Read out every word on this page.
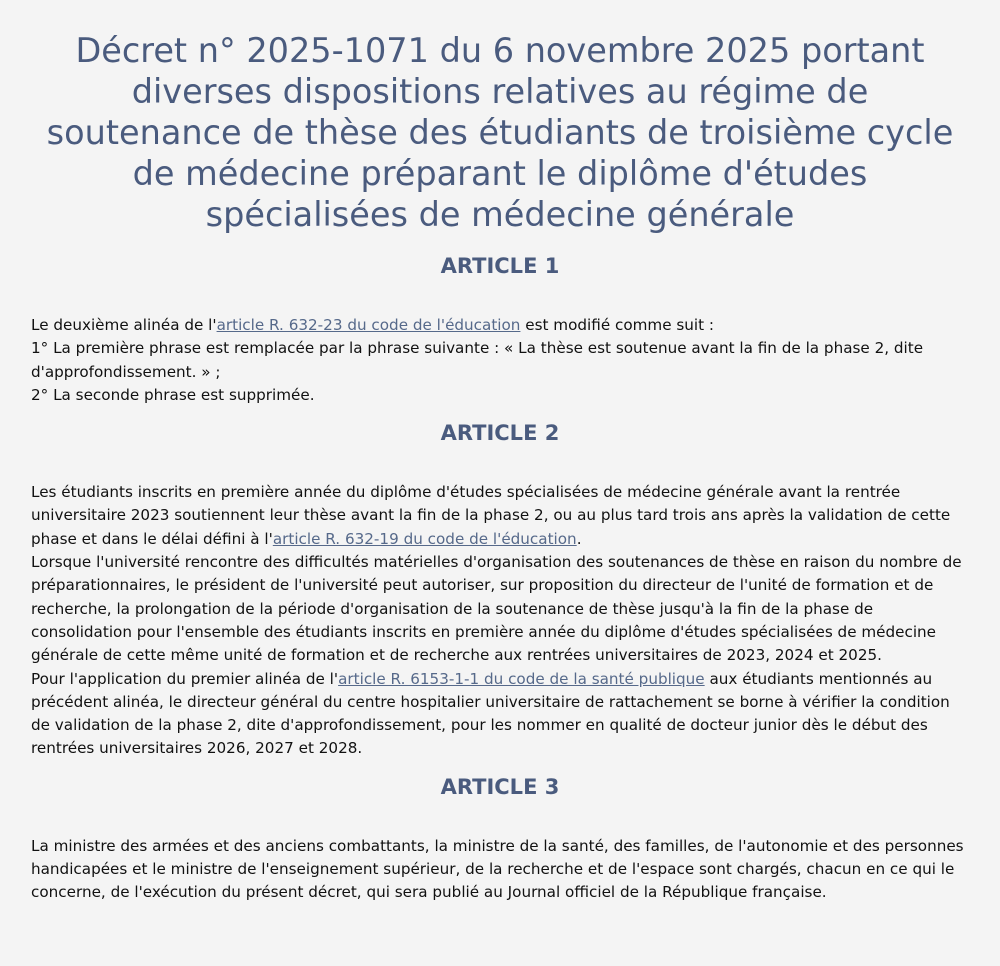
Décret n° 2025-1071 du 6 novembre 2025 portant diverses dispositions relatives au régime de soutenance de thèse des étudiants de troisième cycle de médecine préparant le diplôme d'études spécialisées de médecine générale
ARTICLE 1

Le deuxième alinéa de l'article R. 632-23 du code de l'éducation est modifié comme suit :

1° La première phrase est remplacée par la phrase suivante : « La thèse est soutenue avant la fin de la phase 2, dite d'approfondissement. » ;

2° La seconde phrase est supprimée.

ARTICLE 2

Les étudiants inscrits en première année du diplôme d'études spécialisées de médecine générale avant la rentrée universitaire 2023 soutiennent leur thèse avant la fin de la phase 2, ou au plus tard trois ans après la validation de cette phase et dans le délai défini à l'article R. 632-19 du code de l'éducation.

Lorsque l'université rencontre des difficultés matérielles d'organisation des soutenances de thèse en raison du nombre de préparationnaires, le président de l'université peut autoriser, sur proposition du directeur de l'unité de formation et de recherche, la prolongation de la période d'organisation de la soutenance de thèse jusqu'à la fin de la phase de consolidation pour l'ensemble des étudiants inscrits en première année du diplôme d'études spécialisées de médecine générale de cette même unité de formation et de recherche aux rentrées universitaires de 2023, 2024 et 2025.

Pour l'application du premier alinéa de l'article R. 6153-1-1 du code de la santé publique aux étudiants mentionnés au précédent alinéa, le directeur général du centre hospitalier universitaire de rattachement se borne à vérifier la condition de validation de la phase 2, dite d'approfondissement, pour les nommer en qualité de docteur junior dès le début des rentrées universitaires 2026, 2027 et 2028.

ARTICLE 3

La ministre des armées et des anciens combattants, la ministre de la santé, des familles, de l'autonomie et des personnes handicapées et le ministre de l'enseignement supérieur, de la recherche et de l'espace sont chargés, chacun en ce qui le concerne, de l'exécution du présent décret, qui sera publié au Journal officiel de la République française.
